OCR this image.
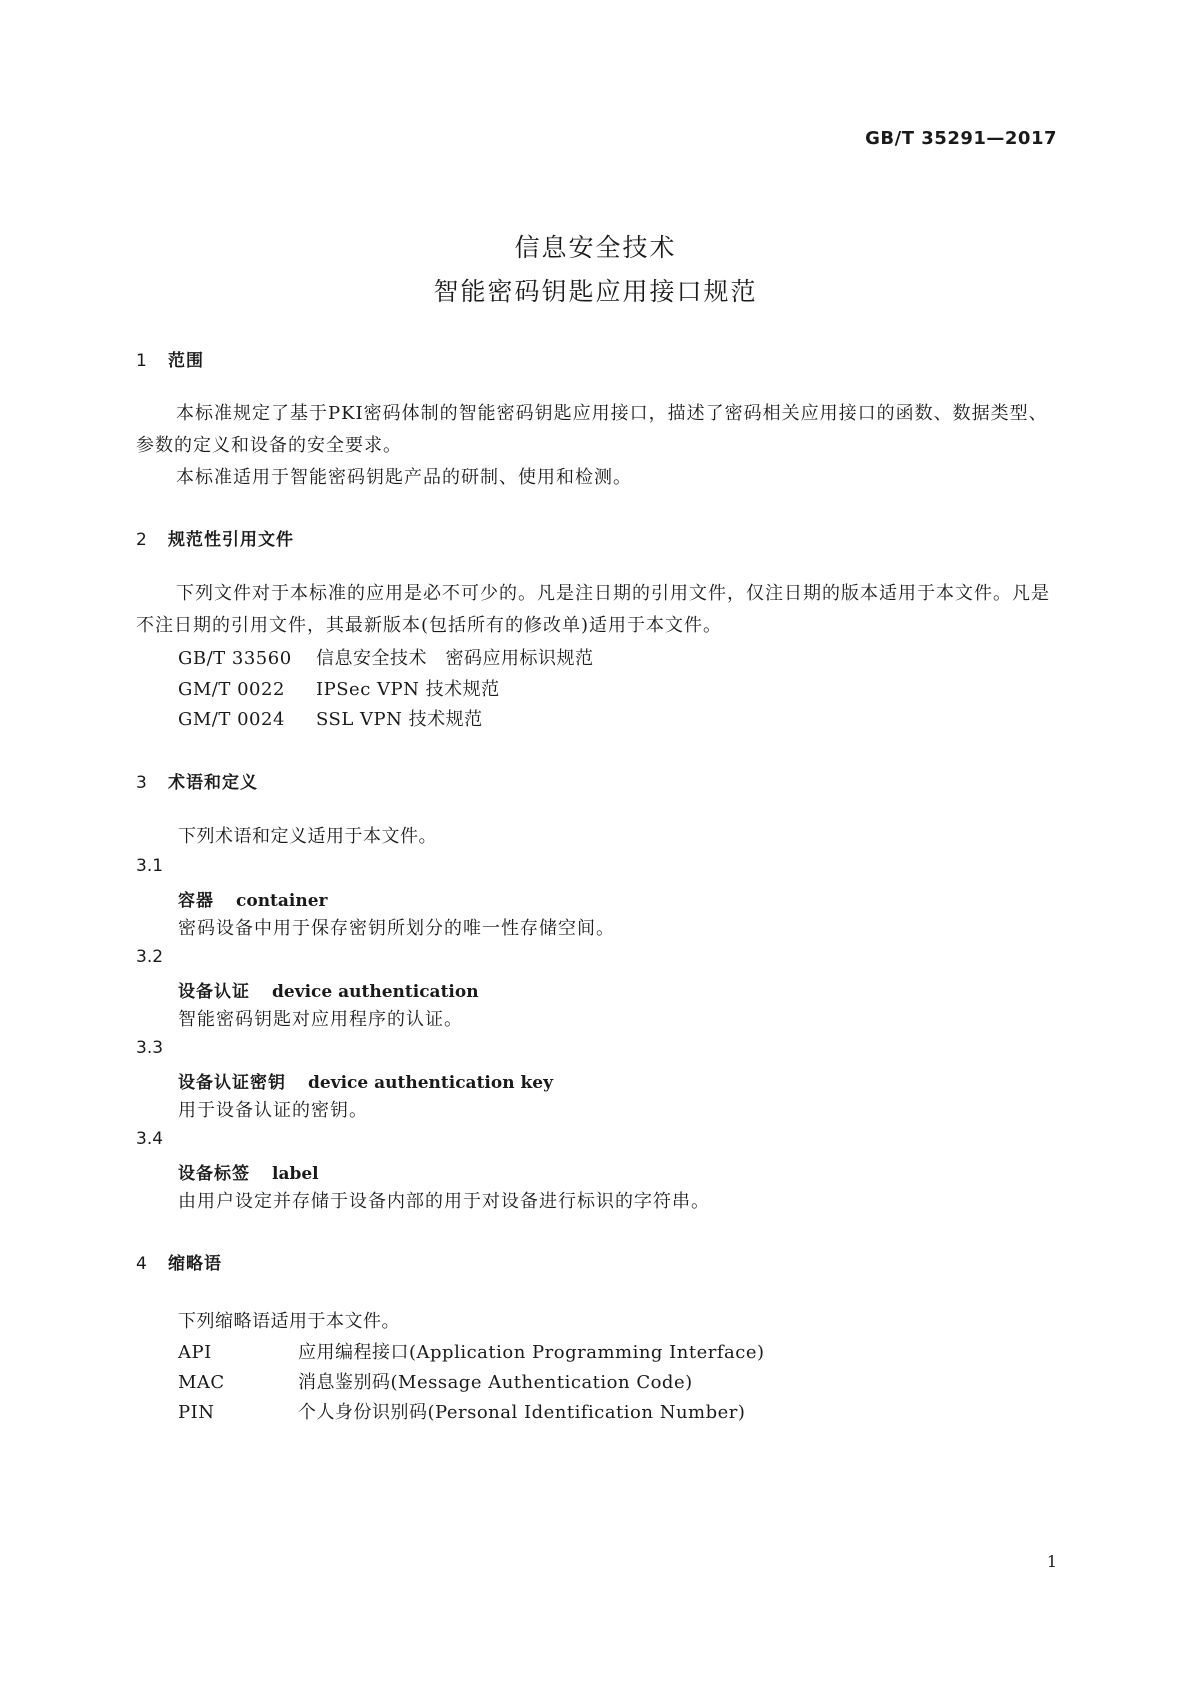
GB/T 35291—2017
信息安全技术
智能密码钥匙应用接口规范
1 范围
本标准规定了基于PKI密码体制的智能密码钥匙应用接口，描述了密码相关应用接口的函数、数据类型、参数的定义和设备的安全要求。
本标准适用于智能密码钥匙产品的研制、使用和检测。
2 规范性引用文件
下列文件对于本标准的应用是必不可少的。凡是注日期的引用文件，仅注日期的版本适用于本文件。凡是不注日期的引用文件，其最新版本(包括所有的修改单)适用于本文件。
GB/T 33560 信息安全技术　密码应用标识规范
GM/T 0022 IPSec VPN 技术规范
GM/T 0024 SSL VPN 技术规范
3 术语和定义
下列术语和定义适用于本文件。
3.1
容器 container
密码设备中用于保存密钥所划分的唯一性存储空间。
3.2
设备认证 device authentication
智能密码钥匙对应用程序的认证。
3.3
设备认证密钥 device authentication key
用于设备认证的密钥。
3.4
设备标签 label
由用户设定并存储于设备内部的用于对设备进行标识的字符串。
4 缩略语
下列缩略语适用于本文件。
API	应用编程接口(Application Programming Interface)
MAC	消息鉴别码(Message Authentication Code)
PIN	个人身份识别码(Personal Identification Number)
1
